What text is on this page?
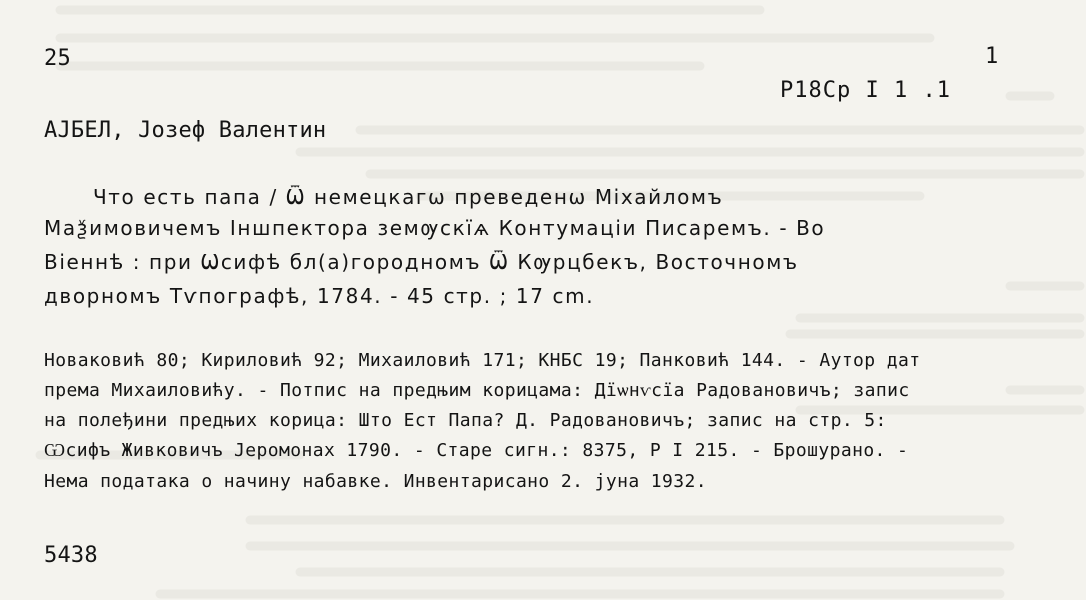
25	1
P18Cp I 1 .1
АЈБЕЛ, Јозеф Валентин
Что есть папа / Ѿ немецкагѡ преведенѡ Міхайломъ
Маѯимовичемъ Іншпектора земѹскїѧ Контумаціи Писаремъ. - Во
Віеннѣ : при Ѡсифѣ бл(а)городномъ Ѿ Кѹрцбекъ, Восточномъ
дворномъ Тѵпографѣ, 1784. - 45 стр. ; 17 cm.
Новаковић 80; Кириловић 92; Михаиловић 171; КНБС 19; Панковић 144. - Аутор дат
према Михаиловићу. - Потпис на предњим корицама: Дїѡнѵсїа Радовановичъ; запис
на полеђини предњих корица: Што Ест Папа? Д. Радовановичъ; запис на стр. 5:
Ѡсифъ Живковичъ Јеромонах 1790. - Старе сигн.: 8375, Р I 215. - Брошурано. -
Нема података о начину набавке. Инвентарисано 2. јуна 1932.
5438
